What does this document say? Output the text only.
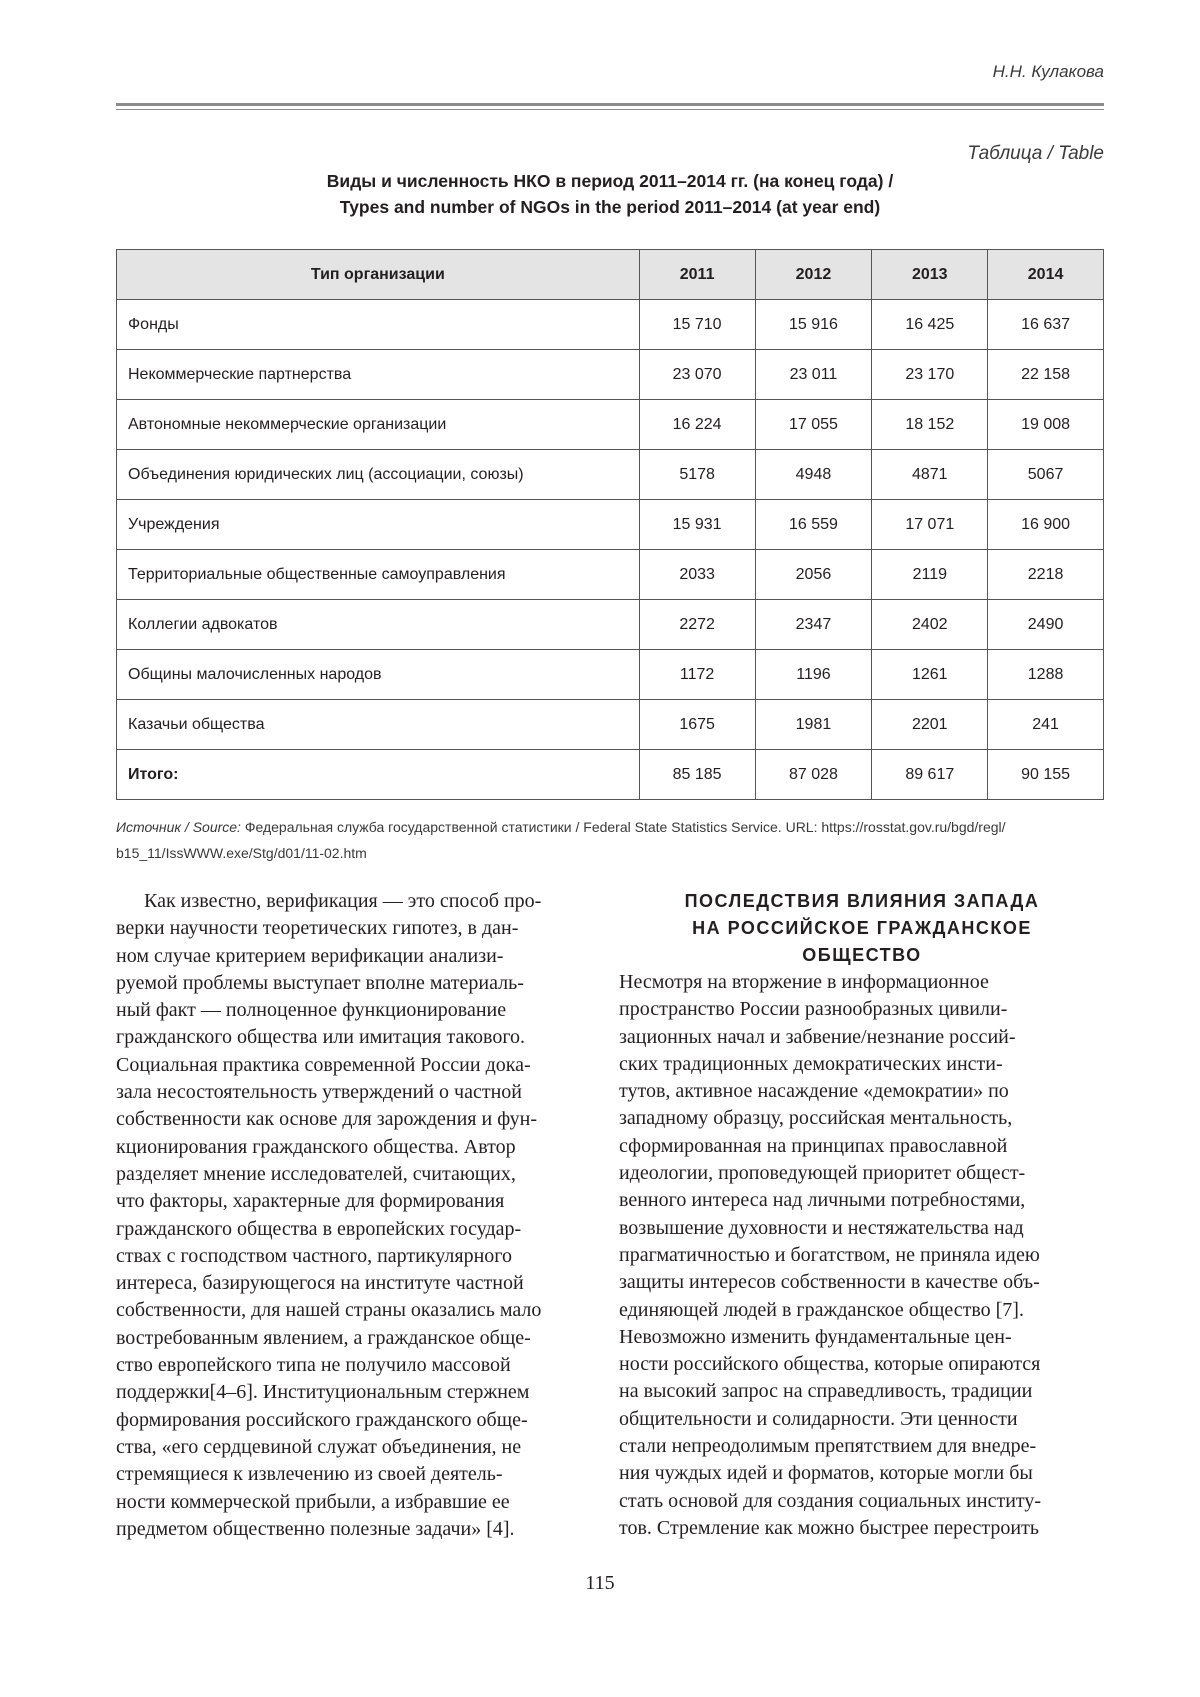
Н.Н. Кулакова
Таблица / Table
Виды и численность НКО в период 2011–2014 гг. (на конец года) /
Types and number of NGOs in the period 2011–2014 (at year end)
Тип организации	2011	2012	2013	2014
Фонды	15 710	15 916	16 425	16 637
Некоммерческие партнерства	23 070	23 011	23 170	22 158
Автономные некоммерческие организации	16 224	17 055	18 152	19 008
Объединения юридических лиц (ассоциации, союзы)	5178	4948	4871	5067
Учреждения	15 931	16 559	17 071	16 900
Территориальные общественные самоуправления	2033	2056	2119	2218
Коллегии адвокатов	2272	2347	2402	2490
Общины малочисленных народов	1172	1196	1261	1288
Казачьи общества	1675	1981	2201	241
Итого:	85 185	87 028	89 617	90 155
Источник / Source: Федеральная служба государственной статистики / Federal State Statistics Service. URL: https://rosstat.gov.ru/bgd/regl/
b15_11/IssWWW.exe/Stg/d01/11-02.htm
Как известно, верификация — это способ про-
верки научности теоретических гипотез, в дан-
ном случае критерием верификации анализи-
руемой проблемы выступает вполне материаль-
ный факт — полноценное функционирование
гражданского общества или имитация такового.
Социальная практика современной России дока-
зала несостоятельность утверждений о частной
собственности как основе для зарождения и фун-
кционирования гражданского общества. Автор
разделяет мнение исследователей, считающих,
что факторы, характерные для формирования
гражданского общества в европейских государ-
ствах с господством частного, партикулярного
интереса, базирующегося на институте частной
собственности, для нашей страны оказались мало
востребованным явлением, а гражданское обще-
ство европейского типа не получило массовой
поддержки[4–6]. Институциональным стержнем
формирования российского гражданского обще-
ства, «его сердцевиной служат объединения, не
стремящиеся к извлечению из своей деятель-
ности коммерческой прибыли, а избравшие ее
предметом общественно полезные задачи» [4].
ПОСЛЕДСТВИЯ ВЛИЯНИЯ ЗАПАДА
НА РОССИЙСКОЕ ГРАЖДАНСКОЕ
ОБЩЕСТВО
Несмотря на вторжение в информационное
пространство России разнообразных цивили-
зационных начал и забвение/незнание россий-
ских традиционных демократических инсти-
тутов, активное насаждение «демократии» по
западному образцу, российская ментальность,
сформированная на принципах православной
идеологии, проповедующей приоритет общест-
венного интереса над личными потребностями,
возвышение духовности и нестяжательства над
прагматичностью и богатством, не приняла идею
защиты интересов собственности в качестве объ-
единяющей людей в гражданское общество [7].
Невозможно изменить фундаментальные цен-
ности российского общества, которые опираются
на высокий запрос на справедливость, традиции
общительности и солидарности. Эти ценности
стали непреодолимым препятствием для внедре-
ния чуждых идей и форматов, которые могли бы
стать основой для создания социальных институ-
тов. Стремление как можно быстрее перестроить
115
